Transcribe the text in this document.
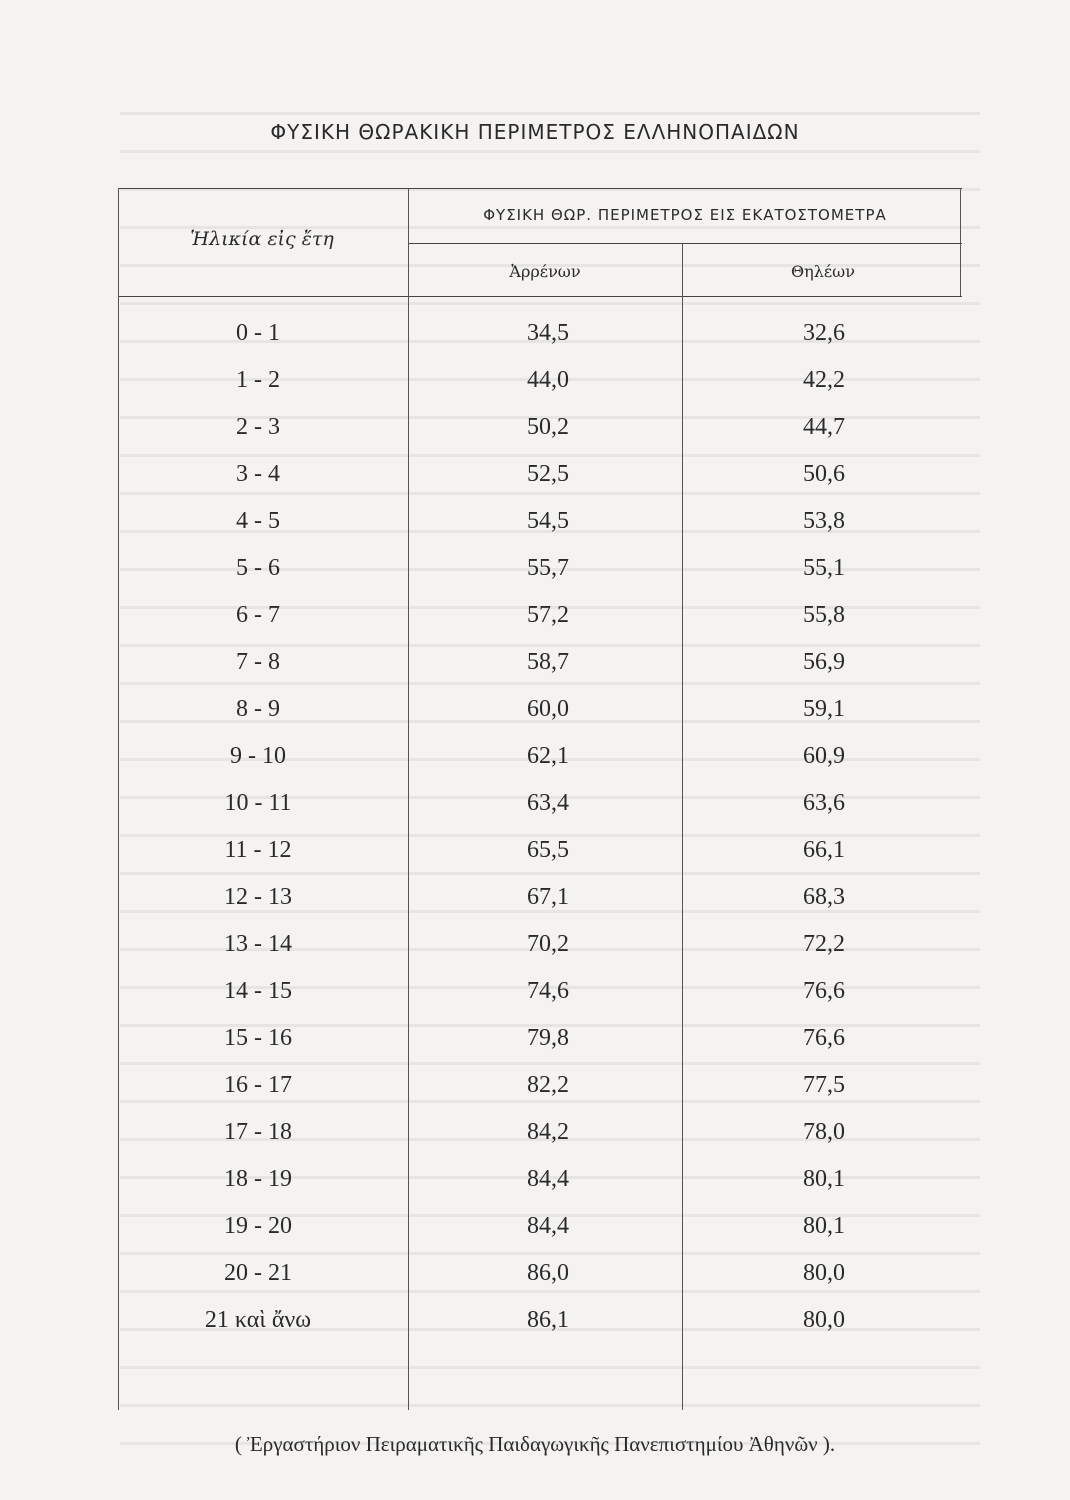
ΦΥΣΙΚΗ ΘΩΡΑΚΙΚΗ ΠΕΡΙΜΕΤΡΟΣ ΕΛΛΗΝΟΠΑΙΔΩΝ
Ἡλικία εἰς ἔτη
ΦΥΣΙΚΗ ΘΩΡ. ΠΕΡΙΜΕΤΡΟΣ ΕΙΣ ΕΚΑΤΟΣΤΟΜΕΤΡΑ
Ἀρρένων	Θηλέων
0 - 1	34,5	32,6
1 - 2	44,0	42,2
2 - 3	50,2	44,7
3 - 4	52,5	50,6
4 - 5	54,5	53,8
5 - 6	55,7	55,1
6 - 7	57,2	55,8
7 - 8	58,7	56,9
8 - 9	60,0	59,1
9 - 10	62,1	60,9
10 - 11	63,4	63,6
11 - 12	65,5	66,1
12 - 13	67,1	68,3
13 - 14	70,2	72,2
14 - 15	74,6	76,6
15 - 16	79,8	76,6
16 - 17	82,2	77,5
17 - 18	84,2	78,0
18 - 19	84,4	80,1
19 - 20	84,4	80,1
20 - 21	86,0	80,0
21 καὶ ἄνω	86,1	80,0
( Ἐργαστήριον Πειραματικῆς Παιδαγωγικῆς Πανεπιστημίου Ἀθηνῶν ).
